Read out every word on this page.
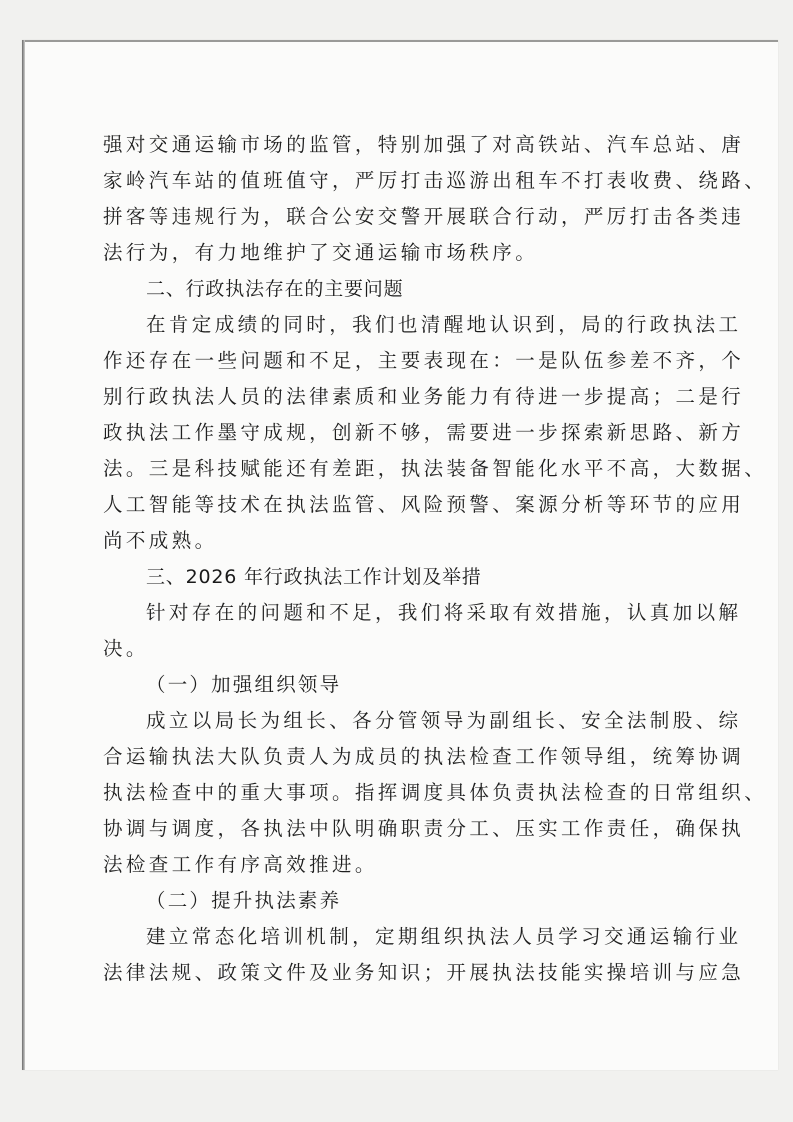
强对交通运输市场的监管，特别加强了对高铁站、汽车总站、唐
家岭汽车站的值班值守，严厉打击巡游出租车不打表收费、绕路、
拼客等违规行为，联合公安交警开展联合行动，严厉打击各类违
法行为，有力地维护了交通运输市场秩序。
二、行政执法存在的主要问题
在肯定成绩的同时，我们也清醒地认识到，局的行政执法工
作还存在一些问题和不足，主要表现在：一是队伍参差不齐，个
别行政执法人员的法律素质和业务能力有待进一步提高；二是行
政执法工作墨守成规，创新不够，需要进一步探索新思路、新方
法。三是科技赋能还有差距，执法装备智能化水平不高，大数据、
人工智能等技术在执法监管、风险预警、案源分析等环节的应用
尚不成熟。
三、2026 年行政执法工作计划及举措
针对存在的问题和不足，我们将采取有效措施，认真加以解
决。
（一）加强组织领导
成立以局长为组长、各分管领导为副组长、安全法制股、综
合运输执法大队负责人为成员的执法检查工作领导组，统筹协调
执法检查中的重大事项。指挥调度具体负责执法检查的日常组织、
协调与调度，各执法中队明确职责分工、压实工作责任，确保执
法检查工作有序高效推进。
（二）提升执法素养
建立常态化培训机制，定期组织执法人员学习交通运输行业
法律法规、政策文件及业务知识；开展执法技能实操培训与应急
